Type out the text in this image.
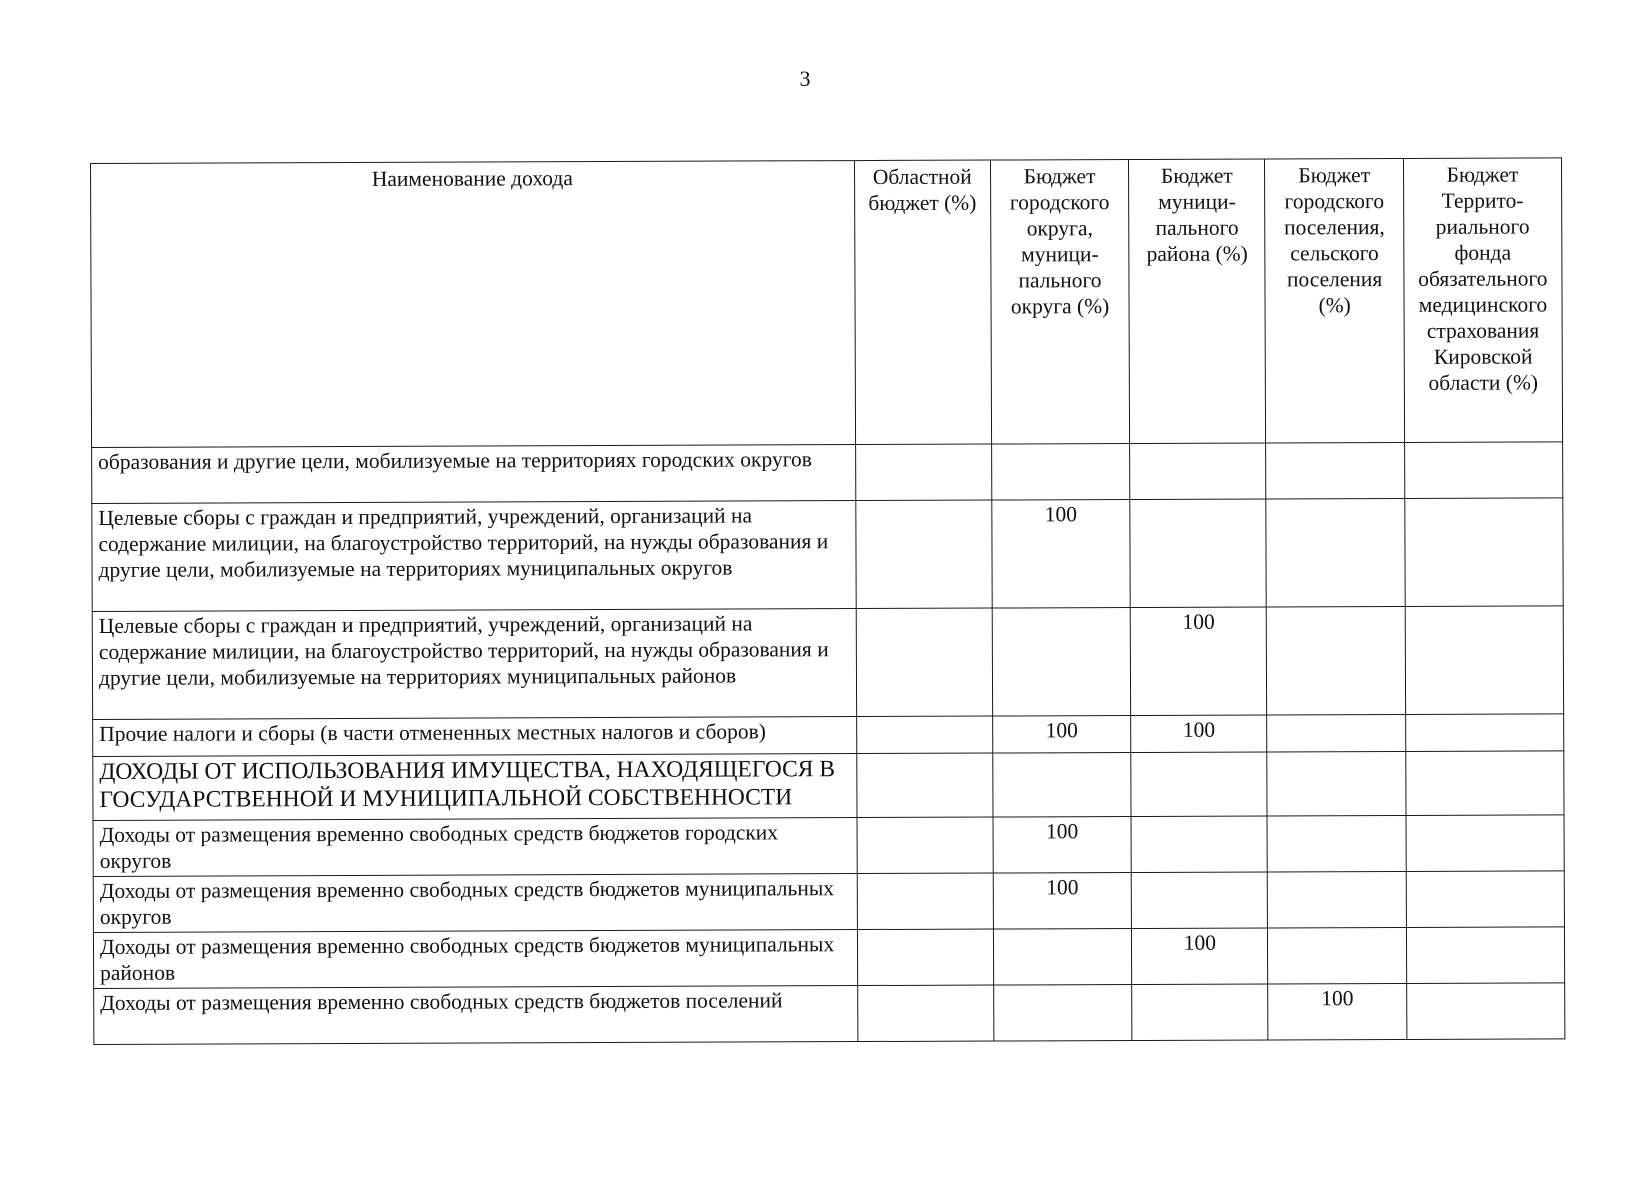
3
Наименование дохода	Областной бюджет (%)	Бюджет городского округа, муници-пального округа (%)	Бюджет муници-пального района (%)	Бюджет городского поселения, сельского поселения (%)	Бюджет Террито-риального фонда обязательного медицинского страхования Кировской области (%)
образования и другие цели, мобилизуемые на территориях городских округов					
Целевые сборы с граждан и предприятий, учреждений, организаций на содержание милиции, на благоустройство территорий, на нужды образования и другие цели, мобилизуемые на территориях муниципальных округов		100			
Целевые сборы с граждан и предприятий, учреждений, организаций на содержание милиции, на благоустройство территорий, на нужды образования и другие цели, мобилизуемые на территориях муниципальных районов			100		
Прочие налоги и сборы (в части отмененных местных налогов и сборов)		100	100		
ДОХОДЫ ОТ ИСПОЛЬЗОВАНИЯ ИМУЩЕСТВА, НАХОДЯЩЕГОСЯ В ГОСУДАРСТВЕННОЙ И МУНИЦИПАЛЬНОЙ СОБСТВЕННОСТИ					
Доходы от размещения временно свободных средств бюджетов городских округов		100			
Доходы от размещения временно свободных средств бюджетов муниципальных округов		100			
Доходы от размещения временно свободных средств бюджетов муниципальных районов			100		
Доходы от размещения временно свободных средств бюджетов поселений				100	
